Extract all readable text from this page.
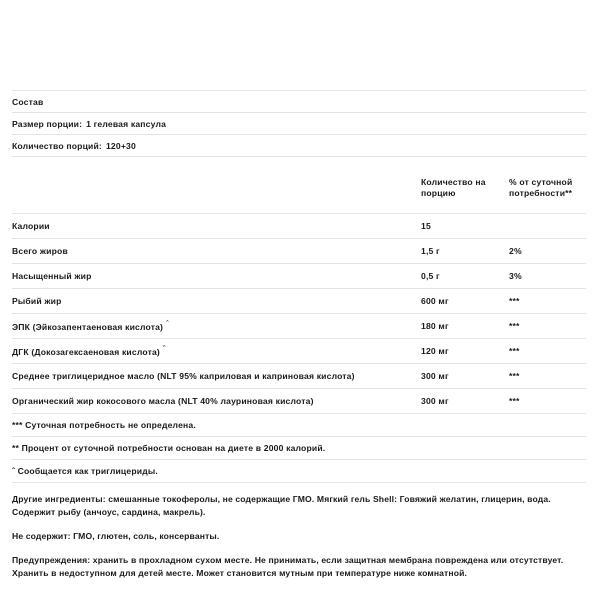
Состав
Размер порции: 1 гелевая капсула
Количество порций: 120+30
	Количество на порцию	% от суточной потребности**
Калории	15	
Всего жиров	1,5 г	2%
Насыщенный жир	0,5 г	3%
Рыбий жир	600 мг	***
ЭПК (Эйкозапентаеновая кислота) $^ˆ$	180 мг	***
ДГК (Докозагексаеновая кислота) $^ˆ$	120 мг	***
Среднее триглицеридное масло (NLT 95% каприловая и каприновая кислота)	300 мг	***
Органический жир кокосового масла (NLT 40% лауриновая кислота)	300 мг	***
*** Суточная потребность не определена.
** Процент от суточной потребности основан на диете в 2000 калорий.
ˆ Сообщается как триглицериды.

Другие ингредиенты: смешанные токоферолы, не содержащие ГМО. Мягкий гель Shell: Говяжий желатин, глицерин, вода. Содержит рыбу (анчоус, сардина, макрель).

Не содержит: ГМО, глютен, соль, консерванты.

Предупреждения: хранить в прохладном сухом месте. Не принимать, если защитная мембрана повреждена или отсутствует. Хранить в недоступном для детей месте. Может становится мутным при температуре ниже комнатной.
